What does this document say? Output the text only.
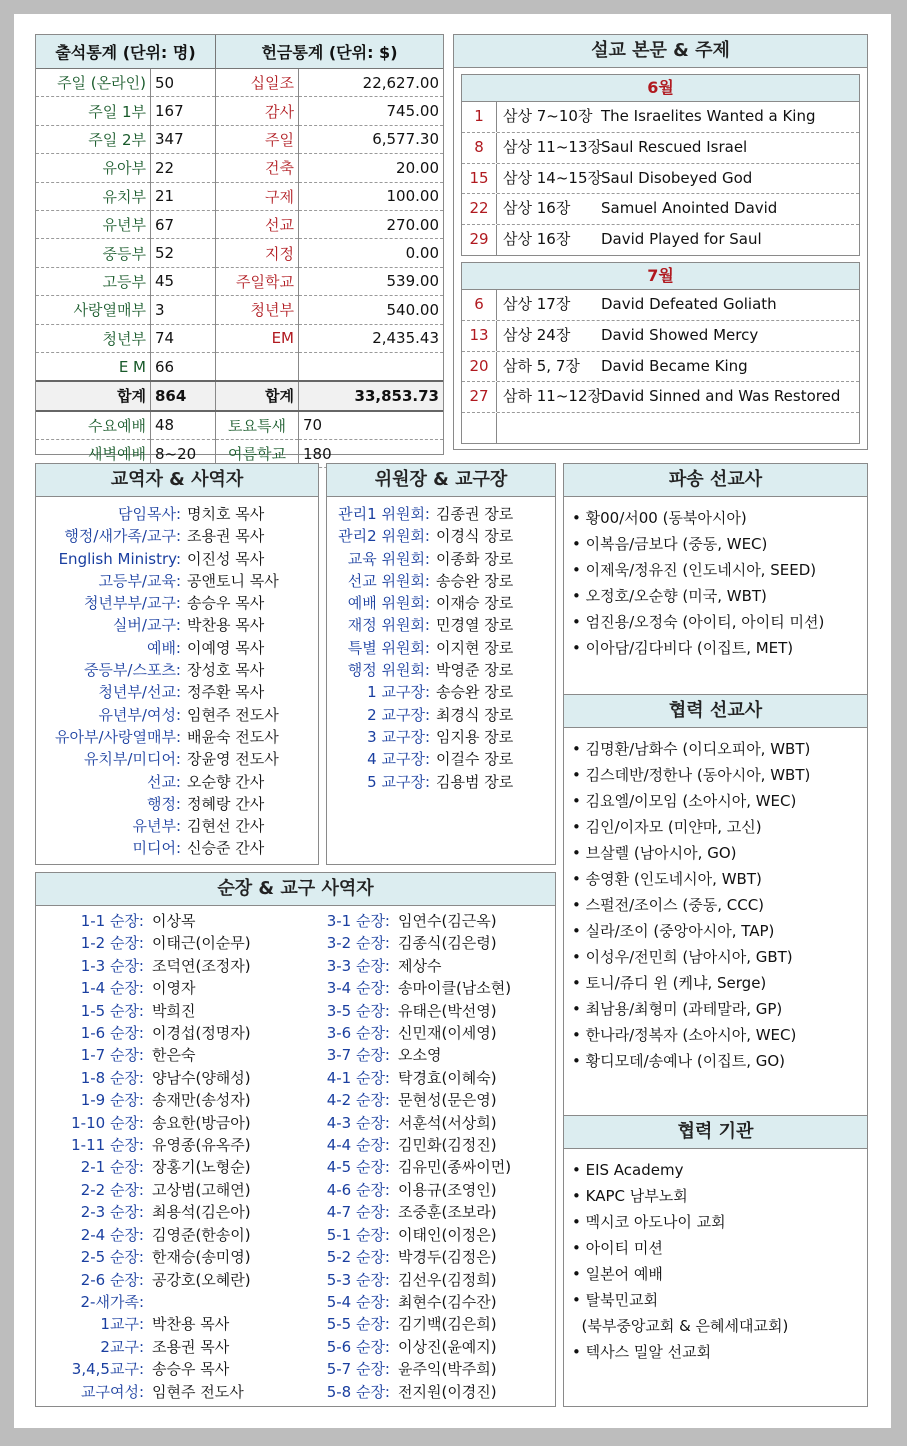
출석통계 (단위: 명)		헌금통계 (단위: $)	
주일 (온라인)	50	십일조	22,627.00
주일 1부	167	감사	745.00
주일 2부	347	주일	6,577.30
유아부	22	건축	20.00
유치부	21	구제	100.00
유년부	67	선교	270.00
중등부	52	지정	0.00
고등부	45	주일학교	539.00
사랑열매부	3	청년부	540.00
청년부	74	EM	2,435.43
E M	66		
합계	864	합계	33,853.73
수요예배	48	토요특새	70
새벽예배	8~20	여름학교	180
설교 본문 & 주제
6월
1	삼상 7~10장 The Israelites Wanted a King
8	삼상 11~13장 Saul Rescued Israel
15 삼상 14~15장 Saul Disobeyed God
22 삼상 16장	Samuel Anointed David
29 삼상 16장	David Played for Saul
7월
6	삼상 17장	David Defeated Goliath
13 삼상 24장	David Showed Mercy
20 삼하 5, 7장	David Became King
27 삼하 11~12장 David Sinned and Was Restored
교역자 & 사역자
담임목사: 명치호 목사
행정/새가족/교구: 조용권 목사
English Ministry: 이진성 목사
고등부/교육: 공앤토니 목사
청년부부/교구: 송승우 목사
실버/교구: 박찬용 목사
예배: 이예영 목사
중등부/스포츠: 장성호 목사
청년부/선교: 정주환 목사
유년부/여성: 임현주 전도사
유아부/사랑열매부: 배윤숙 전도사
유치부/미디어: 장윤영 전도사
선교: 오순향 간사
행정: 정혜랑 간사
유년부: 김현선 간사
미디어: 신승준 간사
위원장 & 교구장
관리1 위원회: 김종권 장로
관리2 위원회: 이경식 장로
교육 위원회: 이종화 장로
선교 위원회: 송승완 장로
예배 위원회: 이재승 장로
재정 위원회: 민경열 장로
특별 위원회: 이지현 장로
행정 위원회: 박영준 장로
1 교구장: 송승완 장로
2 교구장: 최경식 장로
3 교구장: 임지용 장로
4 교구장: 이걸수 장로
5 교구장: 김용범 장로
파송 선교사
• 황00/서00 (동북아시아)
• 이복음/금보다 (중동, WEC)
• 이제욱/정유진 (인도네시아, SEED)
• 오정호/오순향 (미국, WBT)
• 엄진용/오정숙 (아이티, 아이티 미션)
• 이아담/김다비다 (이집트, MET)
협력 선교사
• 김명환/남화수 (이디오피아, WBT)
• 김스데반/정한나 (동아시아, WBT)
• 김요엘/이모임 (소아시아, WEC)
• 김인/이자모 (미얀마, 고신)
• 브살렐 (남아시아, GO)
• 송영환 (인도네시아, WBT)
• 스펄전/조이스 (중동, CCC)
• 실라/조이 (중앙아시아, TAP)
• 이성우/전민희 (남아시아, GBT)
• 토니/쥬디 윈 (케냐, Serge)
• 최남용/최형미 (과테말라, GP)
• 한나라/정복자 (소아시아, WEC)
• 황디모데/송예나 (이집트, GO)
협력 기관
• EIS Academy
• KAPC 남부노회
• 멕시코 아도나이 교회
• 아이티 미션
• 일본어 예배
• 탈북민교회
(북부중앙교회 & 은혜세대교회)
• 텍사스 밀알 선교회
순장 & 교구 사역자
1-1 순장: 이상목
1-2 순장: 이태근(이순무)
1-3 순장: 조덕연(조정자)
1-4 순장: 이영자
1-5 순장: 박희진
1-6 순장: 이경섭(정명자)
1-7 순장: 한은숙
1-8 순장: 양남수(양해성)
1-9 순장: 송재만(송성자)
1-10 순장: 송요한(방금아)
1-11 순장: 유영종(유옥주)
2-1 순장: 장홍기(노형순)
2-2 순장: 고상범(고해연)
2-3 순장: 최용석(김은아)
2-4 순장: 김영준(한송이)
2-5 순장: 한재승(송미영)
2-6 순장: 공강호(오혜란)
2-새가족:
1교구: 박찬용 목사
2교구: 조용권 목사
3,4,5교구: 송승우 목사
교구여성: 임현주 전도사
3-1 순장: 임연수(김근옥)
3-2 순장: 김종식(김은령)
3-3 순장: 제상수
3-4 순장: 송마이클(남소현)
3-5 순장: 유태은(박선영)
3-6 순장: 신민재(이세영)
3-7 순장: 오소영
4-1 순장: 탁경효(이혜숙)
4-2 순장: 문현성(문은영)
4-3 순장: 서훈석(서상희)
4-4 순장: 김민화(김정진)
4-5 순장: 김유민(종싸이먼)
4-6 순장: 이용규(조영인)
4-7 순장: 조중훈(조보라)
5-1 순장: 이태인(이정은)
5-2 순장: 박경두(김정은)
5-3 순장: 김선우(김정희)
5-4 순장: 최현수(김수잔)
5-5 순장: 김기백(김은희)
5-6 순장: 이상진(윤예지)
5-7 순장: 윤주익(박주희)
5-8 순장: 전지원(이경진)
